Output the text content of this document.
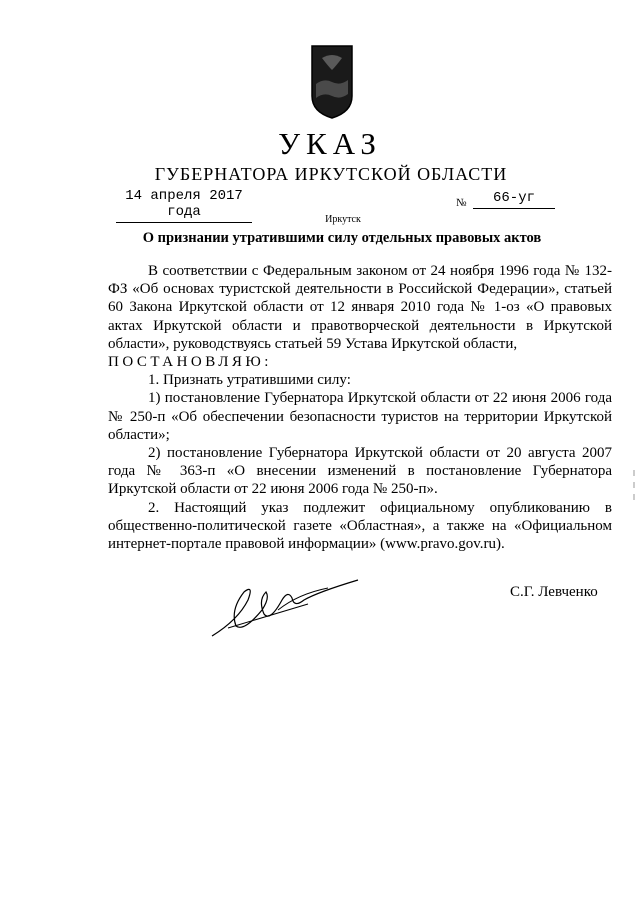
УКАЗ
ГУБЕРНАТОРА ИРКУТСКОЙ ОБЛАСТИ
14 апреля 2017 года
№	66-уг
Иркутск
О признании утратившими силу отдельных правовых актов

В соответствии с Федеральным законом от 24 ноября 1996 года № 132-ФЗ «Об основах туристской деятельности в Российской Федерации», статьей 60 Закона Иркутской области от 12 января 2010 года № 1-оз «О правовых актах Иркутской области и правотворческой деятельности в Иркутской области», руководствуясь статьей 59 Устава Иркутской области,

ПОСТАНОВЛЯЮ:

1. Признать утратившими силу:

1) постановление Губернатора Иркутской области от 22 июня 2006 года № 250-п «Об обеспечении безопасности туристов на территории Иркутской области»;

2) постановление Губернатора Иркутской области от 20 августа 2007 года № 363-п «О внесении изменений в постановление Губернатора Иркутской области от 22 июня 2006 года № 250-п».

2. Настоящий указ подлежит официальному опубликованию в общественно-политической газете «Областная», а также на «Официальном интернет-портале правовой информации» (www.pravo.gov.ru).

С.Г. Левченко
